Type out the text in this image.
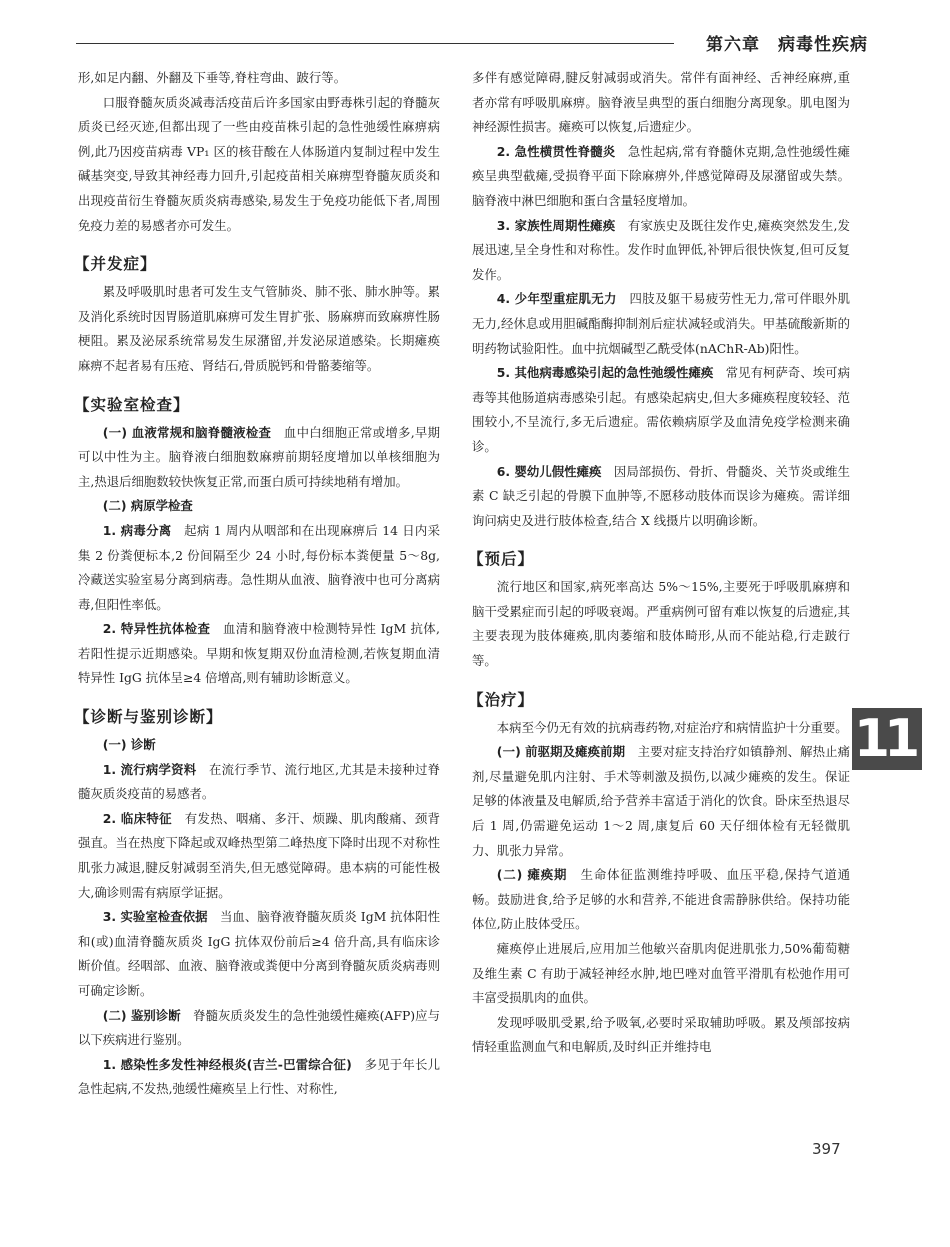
第六章　病毒性疾病

形,如足内翻、外翻及下垂等,脊柱弯曲、跛行等。

口服脊髓灰质炎减毒活疫苗后许多国家由野毒株引起的脊髓灰质炎已经灭迹,但都出现了一些由疫苗株引起的急性弛缓性麻痹病例,此乃因疫苗病毒 VP₁ 区的核苷酸在人体肠道内复制过程中发生碱基突变,导致其神经毒力回升,引起疫苗相关麻痹型脊髓灰质炎和出现疫苗衍生脊髓灰质炎病毒感染,易发生于免疫功能低下者,周围免疫力差的易感者亦可发生。

【并发症】

累及呼吸肌时患者可发生支气管肺炎、肺不张、肺水肿等。累及消化系统时因胃肠道肌麻痹可发生胃扩张、肠麻痹而致麻痹性肠梗阻。累及泌尿系统常易发生尿潴留,并发泌尿道感染。长期瘫痪麻痹不起者易有压疮、肾结石,骨质脱钙和骨骼萎缩等。

【实验室检查】

(一) 血液常规和脑脊髓液检查　血中白细胞正常或增多,早期可以中性为主。脑脊液白细胞数麻痹前期轻度增加以单核细胞为主,热退后细胞数较快恢复正常,而蛋白质可持续地稍有增加。

(二) 病原学检查

1. 病毒分离　起病 1 周内从咽部和在出现麻痹后 14 日内采集 2 份粪便标本,2 份间隔至少 24 小时,每份标本粪便量 5～8g,冷藏送实验室易分离到病毒。急性期从血液、脑脊液中也可分离病毒,但阳性率低。

2. 特异性抗体检查　血清和脑脊液中检测特异性 IgM 抗体,若阳性提示近期感染。早期和恢复期双份血清检测,若恢复期血清特异性 IgG 抗体呈≥4 倍增高,则有辅助诊断意义。

【诊断与鉴别诊断】
(一) 诊断

1. 流行病学资料　在流行季节、流行地区,尤其是未接种过脊髓灰质炎疫苗的易感者。

2. 临床特征　有发热、咽痛、多汗、烦躁、肌肉酸痛、颈背强直。当在热度下降起或双峰热型第二峰热度下降时出现不对称性肌张力减退,腱反射减弱至消失,但无感觉障碍。患本病的可能性极大,确诊则需有病原学证据。

3. 实验室检查依据　当血、脑脊液脊髓灰质炎 IgM 抗体阳性和(或)血清脊髓灰质炎 IgG 抗体双份前后≥4 倍升高,具有临床诊断价值。经咽部、血液、脑脊液或粪便中分离到脊髓灰质炎病毒则可确定诊断。

(二) 鉴别诊断　脊髓灰质炎发生的急性弛缓性瘫痪(AFP)应与以下疾病进行鉴别。

1. 感染性多发性神经根炎(吉兰-巴雷综合征)　多见于年长儿急性起病,不发热,弛缓性瘫痪呈上行性、对称性,

多伴有感觉障碍,腱反射减弱或消失。常伴有面神经、舌神经麻痹,重者亦常有呼吸肌麻痹。脑脊液呈典型的蛋白细胞分离现象。肌电图为神经源性损害。瘫痪可以恢复,后遗症少。

2. 急性横贯性脊髓炎　急性起病,常有脊髓休克期,急性弛缓性瘫痪呈典型截瘫,受损脊平面下除麻痹外,伴感觉障碍及尿潴留或失禁。脑脊液中淋巴细胞和蛋白含量轻度增加。

3. 家族性周期性瘫痪　有家族史及既往发作史,瘫痪突然发生,发展迅速,呈全身性和对称性。发作时血钾低,补钾后很快恢复,但可反复发作。

4. 少年型重症肌无力　四肢及躯干易疲劳性无力,常可伴眼外肌无力,经休息或用胆碱酯酶抑制剂后症状减轻或消失。甲基硫酸新斯的明药物试验阳性。血中抗烟碱型乙酰受体(nAChR-Ab)阳性。

5. 其他病毒感染引起的急性弛缓性瘫痪　常见有柯萨奇、埃可病毒等其他肠道病毒感染引起。有感染起病史,但大多瘫痪程度较轻、范围较小,不呈流行,多无后遗症。需依赖病原学及血清免疫学检测来确诊。

6. 婴幼儿假性瘫痪　因局部损伤、骨折、骨髓炎、关节炎或维生素 C 缺乏引起的骨膜下血肿等,不愿移动肢体而误诊为瘫痪。需详细询问病史及进行肢体检查,结合 X 线摄片以明确诊断。

【预后】

流行地区和国家,病死率高达 5%～15%,主要死于呼吸肌麻痹和脑干受累症而引起的呼吸衰竭。严重病例可留有难以恢复的后遗症,其主要表现为肢体瘫痪,肌肉萎缩和肢体畸形,从而不能站稳,行走跛行等。

【治疗】

本病至今仍无有效的抗病毒药物,对症治疗和病情监护十分重要。

(一) 前驱期及瘫痪前期　主要对症支持治疗如镇静剂、解热止痛剂,尽量避免肌内注射、手术等刺激及损伤,以减少瘫痪的发生。保证足够的体液量及电解质,给予营养丰富适于消化的饮食。卧床至热退尽后 1 周,仍需避免运动 1～2 周,康复后 60 天仔细体检有无轻微肌力、肌张力异常。

(二) 瘫痪期　生命体征监测维持呼吸、血压平稳,保持气道通畅。鼓励进食,给予足够的水和营养,不能进食需静脉供给。保持功能体位,防止肢体受压。

瘫痪停止进展后,应用加兰他敏兴奋肌肉促进肌张力,50%葡萄糖及维生素 C 有助于减轻神经水肿,地巴唑对血管平滑肌有松弛作用可丰富受损肌肉的血供。

发现呼吸肌受累,给予吸氧,必要时采取辅助呼吸。累及颅部按病情轻重监测血气和电解质,及时纠正并维持电

11
397
